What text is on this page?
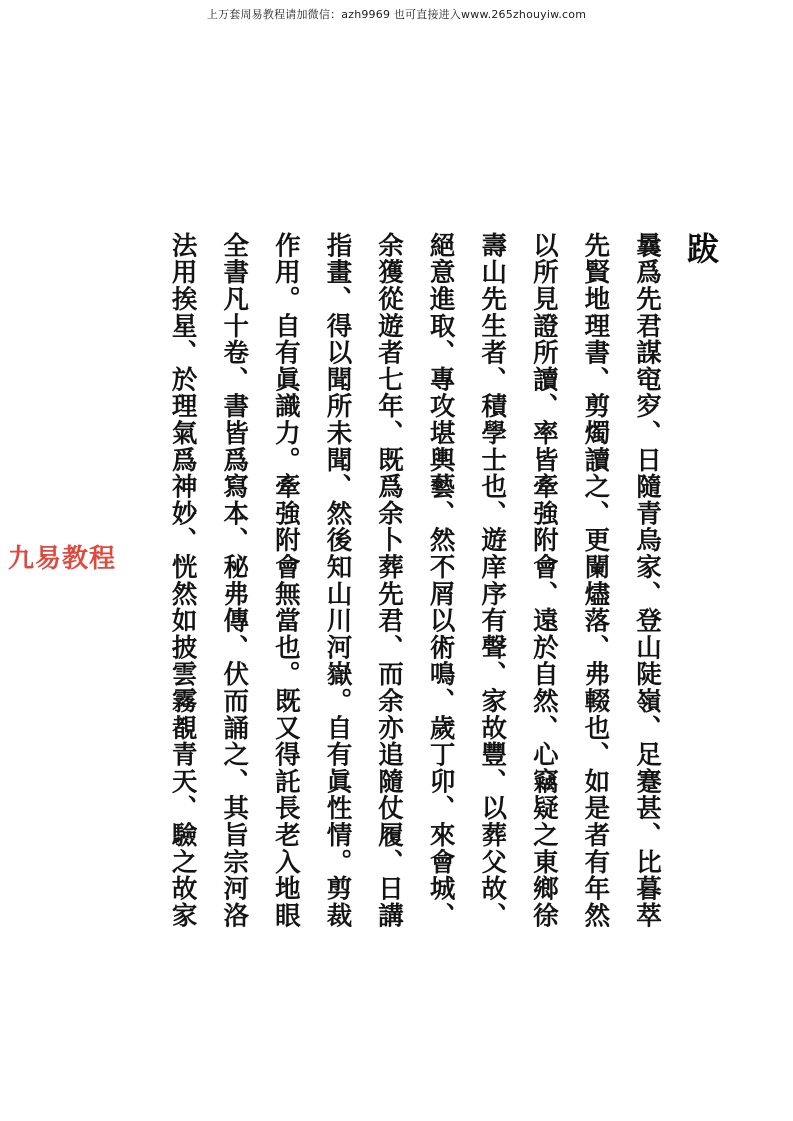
上万套周易教程请加微信：azh9969 也可直接进入www.265zhouyiw.com
九易教程
跋
曩爲先君謀窀穸、日隨青烏家、登山陡嶺、足蹇甚、比暮萃
先賢地理書、剪燭讀之、更闌燼落、弗輟也、如是者有年然
以所見證所讀、率皆牽強附會、遠於自然、心竊疑之東鄉徐
壽山先生者、積學士也、遊庠序有聲、家故豐、以葬父故、
絕意進取、專攻堪輿藝、然不屑以術鳴、歲丁卯、來會城、
余獲從遊者七年、既爲余卜葬先君、而余亦追隨仗履、日講
指畫、得以聞所未聞、然後知山川河嶽。自有眞性情。剪裁
作用。自有眞識力。牽強附會無當也。既又得託長老入地眼
全書凡十卷、書皆爲寫本、秘弗傳、伏而誦之、其旨宗河洛
法用挨星、於理氣爲神妙、恍然如披雲霧覩青天、驗之故家
